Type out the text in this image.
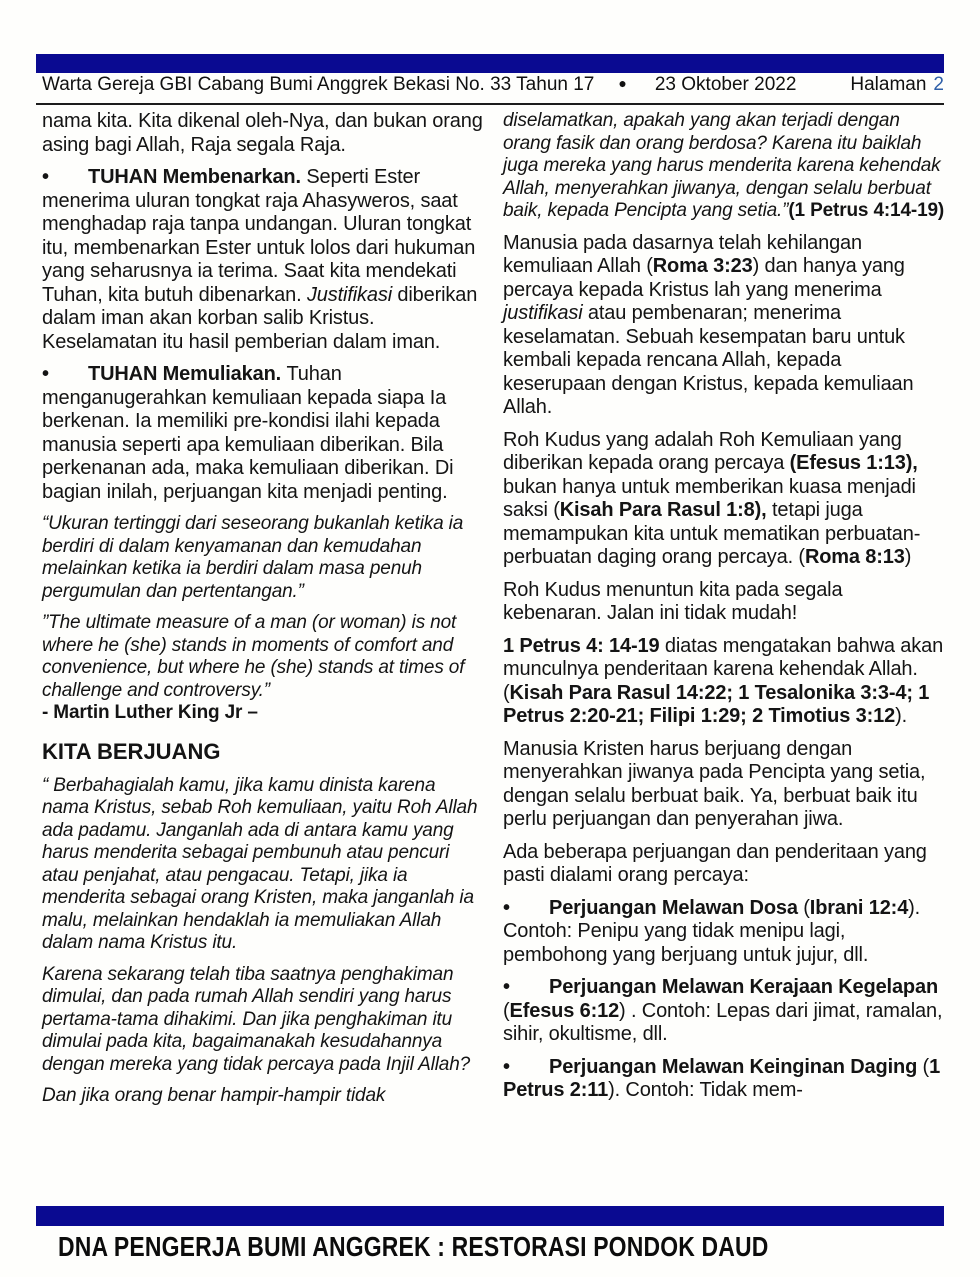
Warta Gereja GBI Cabang Bumi Anggrek Bekasi No. 33 Tahun 17 ● 23 Oktober 2022	Halaman 2
nama kita. Kita dikenal oleh-Nya, dan bukan orang asing bagi Allah, Raja segala Raja.
• TUHAN Membenarkan. Seperti Ester menerima uluran tongkat raja Ahasyweros, saat menghadap raja tanpa undangan. Uluran tongkat itu, membenarkan Ester untuk lolos dari hukuman yang seharusnya ia terima. Saat kita mendekati Tuhan, kita butuh dibenarkan. Justifikasi diberikan dalam iman akan korban salib Kristus. Keselamatan itu hasil pemberian dalam iman.
• TUHAN Memuliakan. Tuhan menganugerahkan kemuliaan kepada siapa Ia berkenan. Ia memiliki pre-kondisi ilahi kepada manusia seperti apa kemuliaan diberikan. Bila perkenanan ada, maka kemuliaan diberikan. Di bagian inilah, perjuangan kita menjadi penting.
“Ukuran tertinggi dari seseorang bukanlah ketika ia berdiri di dalam kenyamanan dan kemudahan melainkan ketika ia berdiri dalam masa penuh pergumulan dan pertentangan.”
”The ultimate measure of a man (or woman) is not where he (she) stands in moments of comfort and convenience, but where he (she) stands at times of challenge and controversy.”
- Martin Luther King Jr –
KITA BERJUANG
“ Berbahagialah kamu, jika kamu dinista karena nama Kristus, sebab Roh kemuliaan, yaitu Roh Allah ada padamu. Janganlah ada di antara kamu yang harus menderita sebagai pembunuh atau pencuri atau penjahat, atau pengacau. Tetapi, jika ia menderita sebagai orang Kristen, maka janganlah ia malu, melainkan hendaklah ia memuliakan Allah dalam nama Kristus itu.
Karena sekarang telah tiba saatnya penghakiman dimulai, dan pada rumah Allah sendiri yang harus pertama-tama dihakimi. Dan jika penghakiman itu dimulai pada kita, bagaimanakah kesudahannya dengan mereka yang tidak percaya pada Injil Allah?
Dan jika orang benar hampir-hampir tidak
diselamatkan, apakah yang akan terjadi dengan orang fasik dan orang berdosa? Karena itu baiklah juga mereka yang harus menderita karena kehendak Allah, menyerahkan jiwanya, dengan selalu berbuat baik, kepada Pencipta yang setia.”(1 Petrus 4:14-19)
Manusia pada dasarnya telah kehilangan kemuliaan Allah (Roma 3:23) dan hanya yang percaya kepada Kristus lah yang menerima justifikasi atau pembenaran; menerima keselamatan. Sebuah kesempatan baru untuk kembali kepada rencana Allah, kepada keserupaan dengan Kristus, kepada kemuliaan Allah.
Roh Kudus yang adalah Roh Kemuliaan yang diberikan kepada orang percaya (Efesus 1:13), bukan hanya untuk memberikan kuasa menjadi saksi (Kisah Para Rasul 1:8), tetapi juga memampukan kita untuk mematikan perbuatan-perbuatan daging orang percaya. (Roma 8:13)
Roh Kudus menuntun kita pada segala kebenaran. Jalan ini tidak mudah!
1 Petrus 4: 14-19 diatas mengatakan bahwa akan munculnya penderitaan karena kehendak Allah. (Kisah Para Rasul 14:22; 1 Tesalonika 3:3-4; 1 Petrus 2:20-21; Filipi 1:29; 2 Timotius 3:12).
Manusia Kristen harus berjuang dengan menyerahkan jiwanya pada Pencipta yang setia, dengan selalu berbuat baik. Ya, berbuat baik itu perlu perjuangan dan penyerahan jiwa.
Ada beberapa perjuangan dan penderitaan yang pasti dialami orang percaya:
• Perjuangan Melawan Dosa (Ibrani 12:4). Contoh: Penipu yang tidak menipu lagi, pembohong yang berjuang untuk jujur, dll.
• Perjuangan Melawan Kerajaan Kegelapan (Efesus 6:12) . Contoh: Lepas dari jimat, ramalan, sihir, okultisme, dll.
• Perjuangan Melawan Keinginan Daging (1 Petrus 2:11). Contoh: Tidak mem-
DNA PENGERJA BUMI ANGGREK : RESTORASI PONDOK DAUD
